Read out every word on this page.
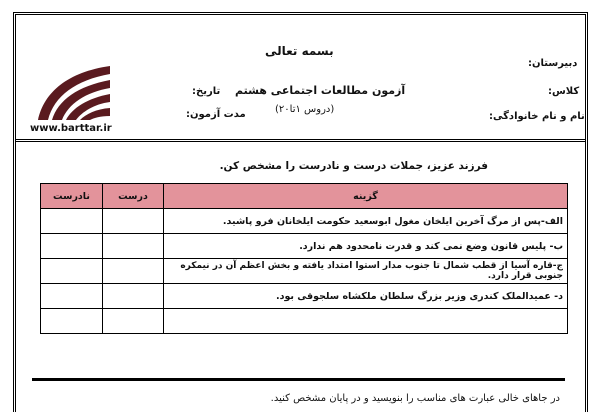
بسمه تعالی
دبیرستان:
کلاس:
نام و نام خانوادگی:
آزمون مطالعات اجتماعی هشتم
(دروس ۱تا۲۰)
تاریخ:
مدت آزمون:
www.barttar.ir
فرزند عزیز، جملات درست و نادرست را مشخص کن.
نادرست	درست	گزینه
		الف-پس از مرگ آخرین ایلخان مغول ابوسعید حکومت ایلخانان فرو پاشید.
		ب- پلیس قانون وضع نمی کند و قدرت نامحدود هم ندارد.
		ج-قاره آسیا از قطب شمال تا جنوب مدار استوا امتداد یافته و بخش اعظم آن در نیمکره جنوبی قرار دارد.
		د- عمیدالملک کندری وزیر بزرگ سلطان ملکشاه سلجوقی بود.

در جاهای خالی عبارت های مناسب را بنویسید و در پایان مشخص کنید.
